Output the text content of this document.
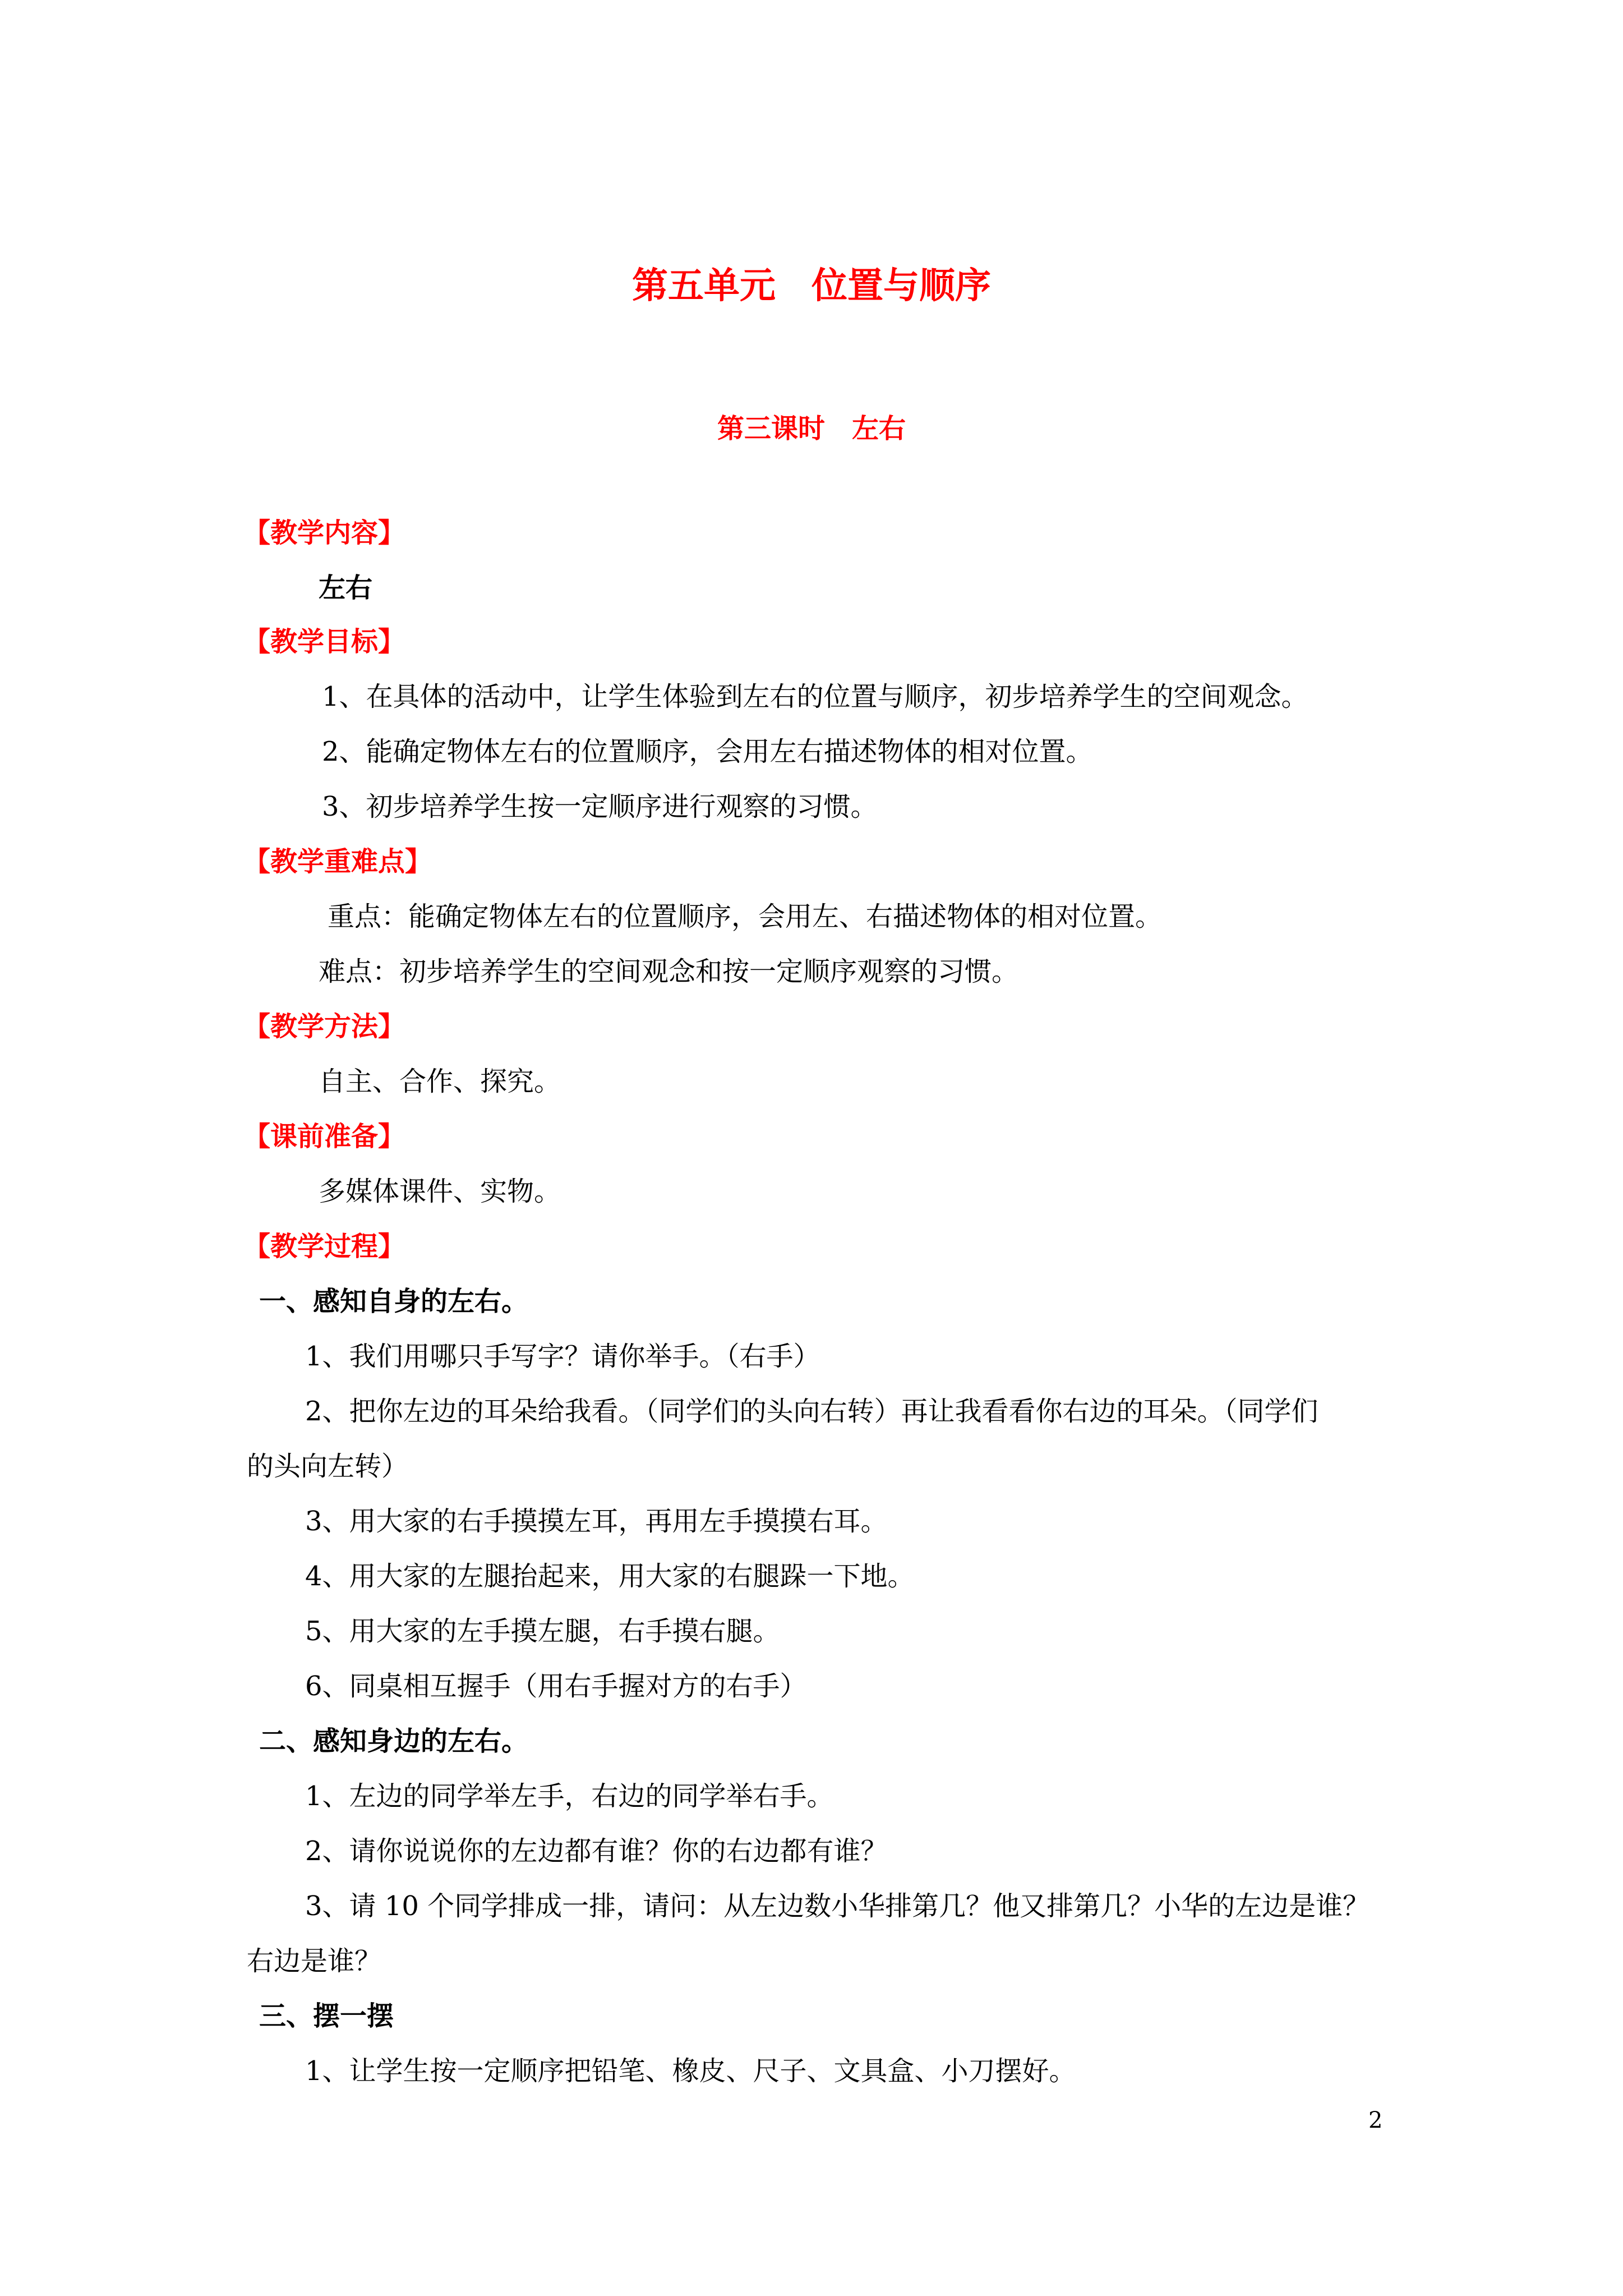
第五单元　位置与顺序
第三课时　左右
【教学内容】
左右
【教学目标】
1、在具体的活动中，让学生体验到左右的位置与顺序，初步培养学生的空间观念。
2、能确定物体左右的位置顺序，会用左右描述物体的相对位置。
3、初步培养学生按一定顺序进行观察的习惯。
【教学重难点】
重点：能确定物体左右的位置顺序，会用左、右描述物体的相对位置。
难点：初步培养学生的空间观念和按一定顺序观察的习惯。
【教学方法】
自主、合作、探究。
【课前准备】
多媒体课件、实物。
【教学过程】
一、感知自身的左右。
1、我们用哪只手写字？请你举手。（右手）
2、把你左边的耳朵给我看。（同学们的头向右转）再让我看看你右边的耳朵。（同学们
的头向左转）
3、用大家的右手摸摸左耳，再用左手摸摸右耳。
4、用大家的左腿抬起来，用大家的右腿跺一下地。
5、用大家的左手摸左腿，右手摸右腿。
6、同桌相互握手（用右手握对方的右手）
二、感知身边的左右。
1、左边的同学举左手，右边的同学举右手。
2、请你说说你的左边都有谁？你的右边都有谁？
3、请 10 个同学排成一排，请问：从左边数小华排第几？他又排第几？小华的左边是谁？
右边是谁？
三、摆一摆
1、让学生按一定顺序把铅笔、橡皮、尺子、文具盒、小刀摆好。
2
